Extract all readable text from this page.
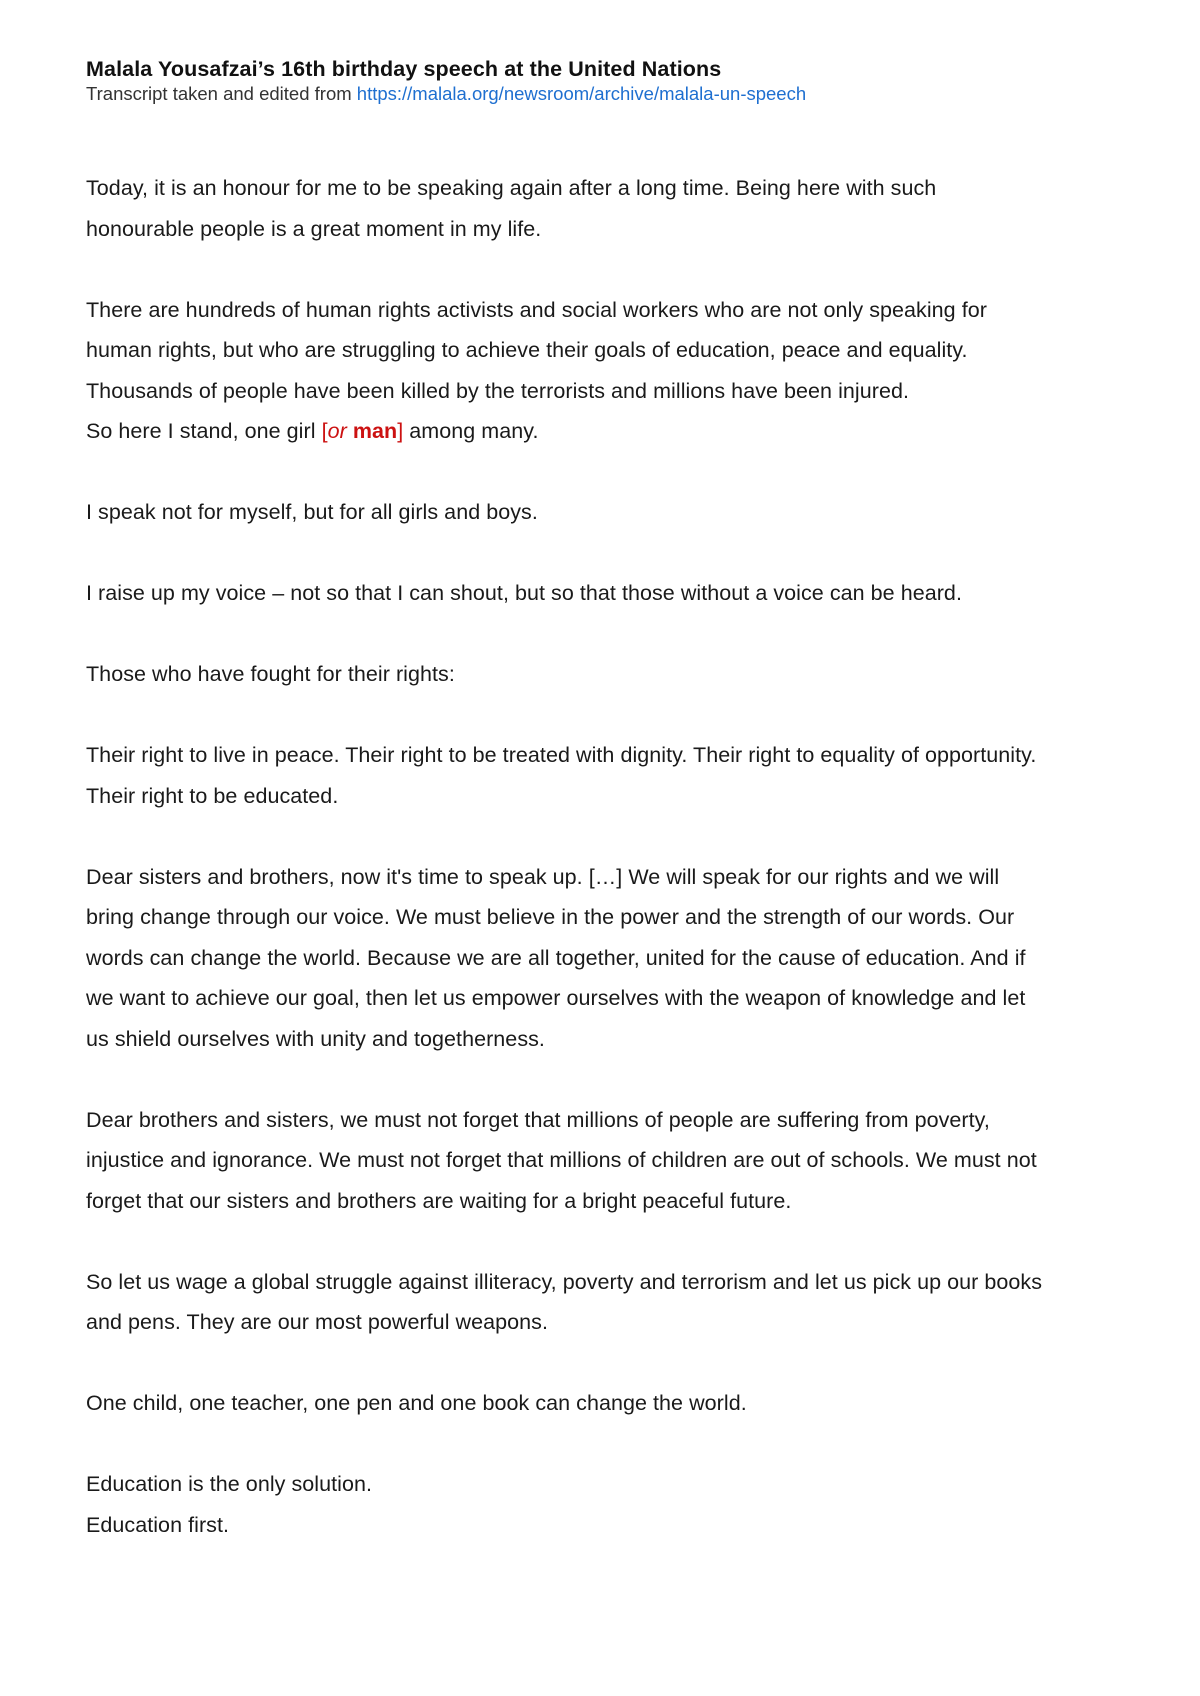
Malala Yousafzai’s 16th birthday speech at the United Nations

Transcript taken and edited from https://malala.org/newsroom/archive/malala-un-speech

Today, it is an honour for me to be speaking again after a long time. Being here with such
honourable people is a great moment in my life.

There are hundreds of human rights activists and social workers who are not only speaking for
human rights, but who are struggling to achieve their goals of education, peace and equality.
Thousands of people have been killed by the terrorists and millions have been injured.
So here I stand, one girl [or man] among many.

I speak not for myself, but for all girls and boys.

I raise up my voice – not so that I can shout, but so that those without a voice can be heard.

Those who have fought for their rights:

Their right to live in peace. Their right to be treated with dignity. Their right to equality of opportunity.
Their right to be educated.

Dear sisters and brothers, now it's time to speak up. […] We will speak for our rights and we will
bring change through our voice. We must believe in the power and the strength of our words. Our
words can change the world. Because we are all together, united for the cause of education. And if
we want to achieve our goal, then let us empower ourselves with the weapon of knowledge and let
us shield ourselves with unity and togetherness.

Dear brothers and sisters, we must not forget that millions of people are suffering from poverty,
injustice and ignorance. We must not forget that millions of children are out of schools. We must not
forget that our sisters and brothers are waiting for a bright peaceful future.

So let us wage a global struggle against illiteracy, poverty and terrorism and let us pick up our books
and pens. They are our most powerful weapons.

One child, one teacher, one pen and one book can change the world.

Education is the only solution.
Education first.
